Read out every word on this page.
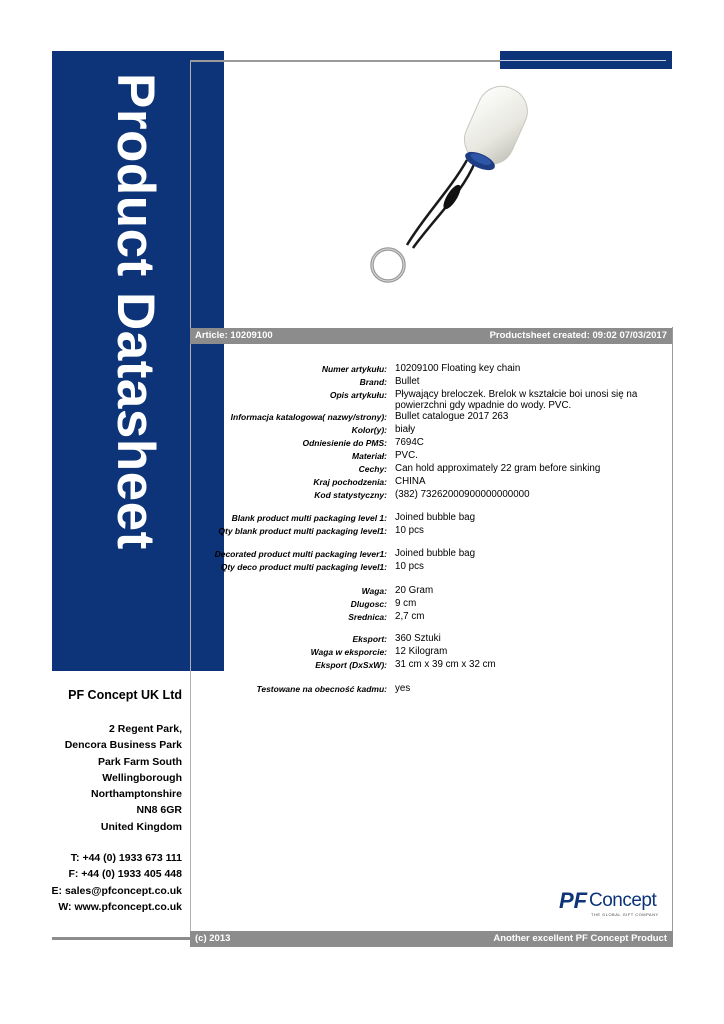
Product Datasheet	Article: 10209100	Productsheet created: 09:02 07/03/2017
Numer artykułu: 10209100 Floating key chain
Brand: Bullet
Opis artykułu: Pływający breloczek. Brelok w kształcie boi unosi się na powierzchni gdy wpadnie do wody. PVC.
Informacja katalogowa( nazwy/strony): Bullet catalogue 2017 263
Kolor(y): biały
Odniesienie do PMS: 7694C
Materiał: PVC.
Cechy: Can hold approximately 22 gram before sinking
Kraj pochodzenia: CHINA
Kod statystyczny: (382) 73262000900000000000
Blank product multi packaging level 1: Joined bubble bag
Qty blank product multi packaging level1: 10 pcs
Decorated product multi packaging lever1: Joined bubble bag
Qty deco product multi packaging level1: 10 pcs
Waga: 20 Gram
Dlugosc: 9 cm
Srednica: 2,7 cm
Eksport: 360 Sztuki
Waga w eksporcie: 12 Kilogram
Eksport (DxSxW): 31 cm x 39 cm x 32 cm
Testowane na obecność kadmu: yes
PF Concept UK Ltd
2 Regent Park,
Dencora Business Park
Park Farm South
Wellingborough
Northamptonshire
NN8 6GR
United Kingdom
T: +44 (0) 1933 673 111
F: +44 (0) 1933 405 448
E: sales@pfconcept.co.uk
W: www.pfconcept.co.uk	PF Concept
THE GLOBAL GIFT COMPANY
(c) 2013	Another excellent PF Concept Product
